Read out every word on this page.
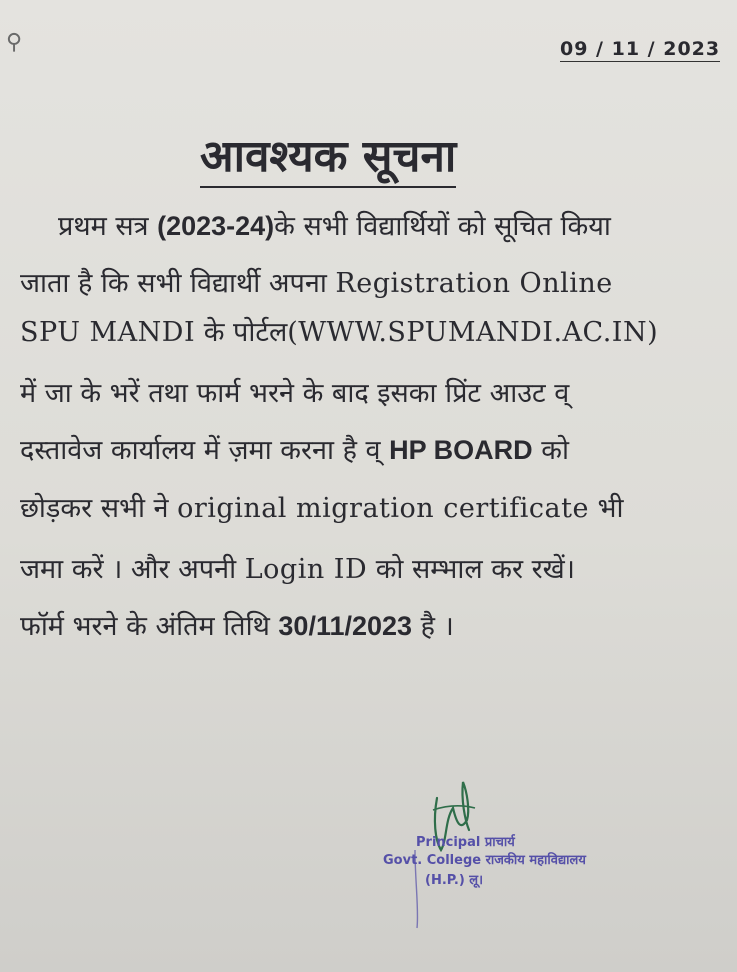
⚲	09 / 11 / 2023
आवश्यक सूचना
प्रथम सत्र (2023-24)के सभी विद्यार्थियों को सूचित किया
जाता है कि सभी विद्यार्थी अपना Registration Online
SPU MANDI के पोर्टल(WWW.SPUMANDI.AC.IN)
में जा के भरें तथा फार्म भरने के बाद इसका प्रिंट आउट व्
दस्तावेज कार्यालय में ज़मा करना है व् HP BOARD को
छोड़कर सभी ने original migration certificate भी
जमा करें । और अपनी Login ID को सम्भाल कर रखें।
फॉर्म भरने के अंतिम तिथि 30/11/2023 है ।
Principal प्राचार्य
Govt. College राजकीय महाविद्यालय
(H.P.) लू।
